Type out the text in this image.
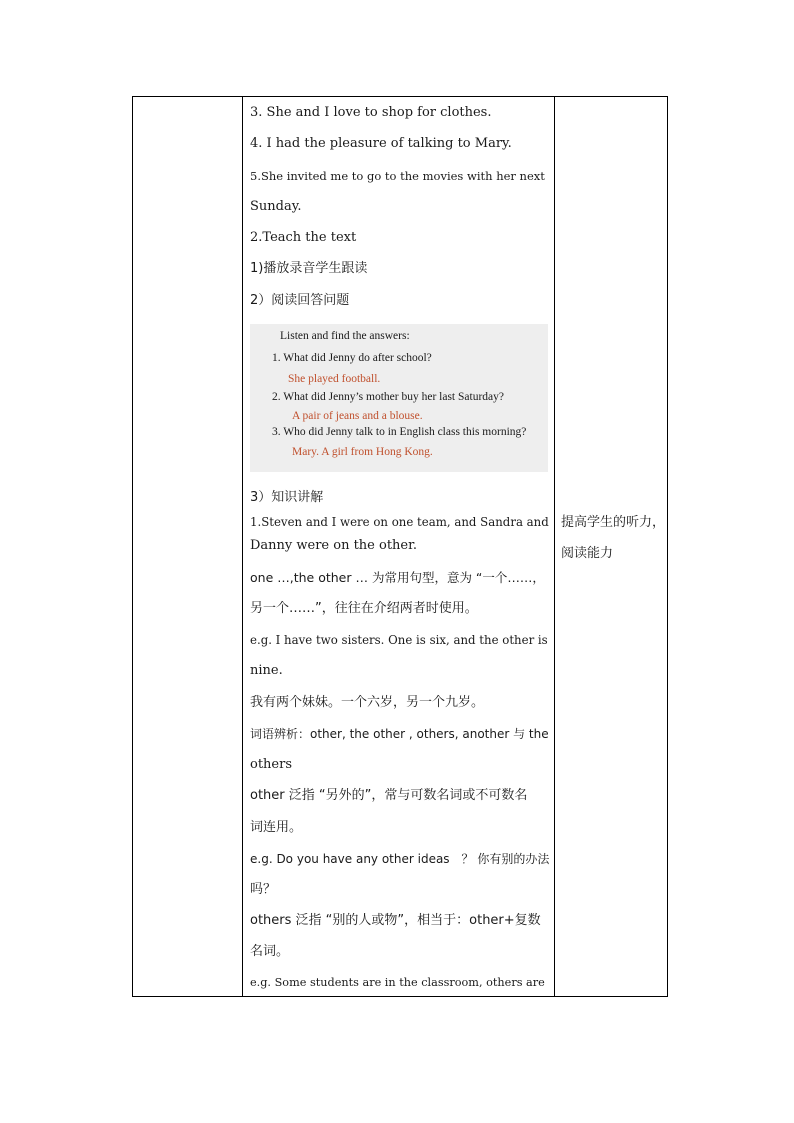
3. She and I love to shop for clothes.
4. I had the pleasure of talking to Mary.
5.She invited me to go to the movies with her next
Sunday.
2.Teach the text
1)播放录音学生跟读
2）阅读回答问题
Listen and find the answers:
1. What did Jenny do after school?
She played football.
2. What did Jenny’s mother buy her last Saturday?
A pair of jeans and a blouse.
3. Who did Jenny talk to in English class this morning?
Mary. A girl from Hong Kong.
3）知识讲解
1.Steven and I were on one team, and Sandra and
Danny were on the other.
one …,the other … 为常用句型，意为 “一个……，
另一个……”，往往在介绍两者时使用。
e.g. I have two sisters. One is six, and the other is
nine.
我有两个妹妹。一个六岁，另一个九岁。
词语辨析：other, the other , others, another 与 the
others
other 泛指 “另外的”，常与可数名词或不可数名
词连用。
e.g. Do you have any other ideas　？ 你有别的办法
吗？
others 泛指 “别的人或物”，相当于：other+复数
名词。
e.g. Some students are in the classroom, others are
提高学生的听力，
阅读能力
